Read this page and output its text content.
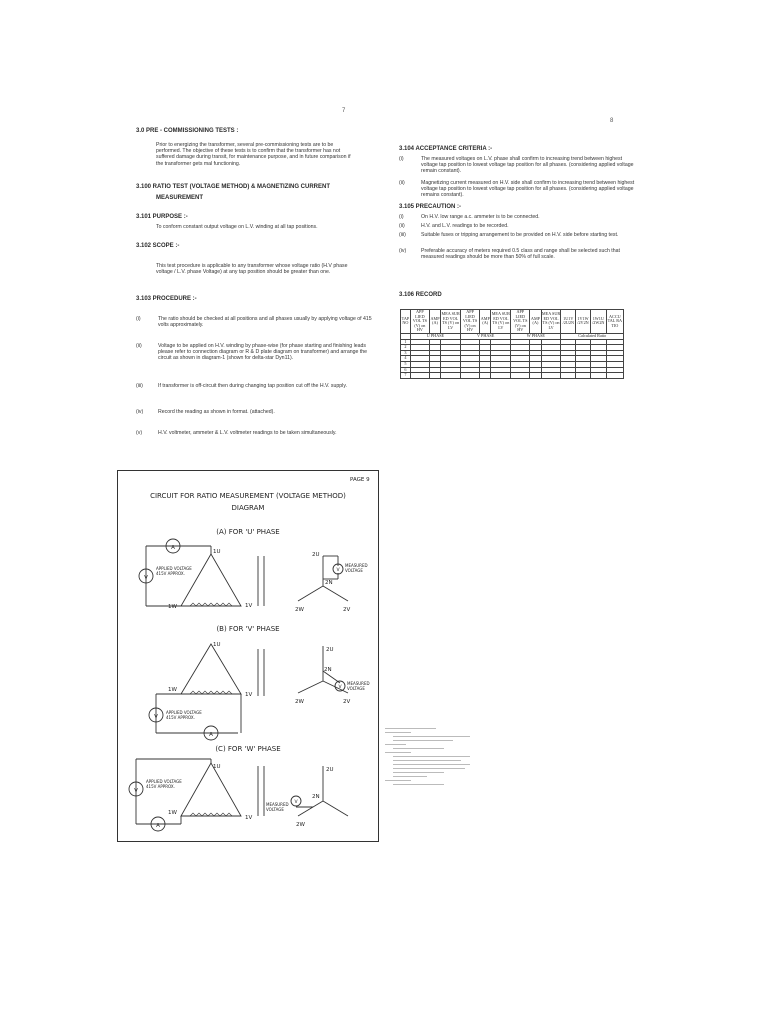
7

3.0 PRE - COMMISSIONING TESTS :

Prior to energizing the transformer, several pre-commissioning tests are to be performed. The objective of these tests is to confirm that the transformer has not suffered damage during transit, for maintenance purpose, and in future comparison if the transformer gets mal functioning.

3.100 RATIO TEST (VOLTAGE METHOD) & MAGNETIZING CURRENT

MEASUREMENT

3.101 PURPOSE :-

To conform constant output voltage on L.V. winding at all tap positions.

3.102 SCOPE :-

This test procedure is applicable to any transformer whose voltage ratio (H.V phase voltage / L.V. phase Voltage) at any tap position should be greater than one.

3.103 PROCEDURE :-

(i)	The ratio should be checked at all positions and all phases usually by applying voltage of 415 volts approximately.
(ii)	Voltage to be applied on H.V. winding by phase-wise (for phase starting and finishing leads please refer to connection diagram or R & D plate diagram on transformer) and arrange the circuit as shown in diagram-1 (shown for delta-star Dyn11).
(iii)	If transformer is off-circuit then during changing tap position cut off the H.V. supply.
(iv)	Record the reading as shown in format. (attached).
(v)	H.V. voltmeter, ammeter & L.V. voltmeter readings to be taken simultaneously.
8

3.104 ACCEPTANCE CRITERIA :-

(i)	The measured voltages on L.V. phase shall confirm to increasing trend between highest voltage tap position to lowest voltage tap position for all phases. (considering applied voltage remain constant).
(ii)	Magnetizing current measured on H.V. side shall confirm to increasing trend between highest voltage tap position to lowest voltage tap position for all phases. (considering applied voltage remains constant).

3.105 PRECAUTION :-

(i)	On H.V. low range a.c. ammeter is to be connected.
(ii)	H.V. and L.V. readings to be recorded.
(iii)	Suitable fuses or tripping arrangement to be provided on H.V. side before starting test.
(iv)	Preferable accuracy of meters required 0.5 class and range shall be selected such that measured readings should be more than 50% of full scale.

3.106 RECORD

TAP NO	APP LIED VOL TS (V) on HV	AMP (A)	MEA SUR ED VOL TS (V) on LV	APP LIED VOL TS (V) on HV	AMP (A)	MEA SUR ED VOL TS (V) on LV	APP LIED VOL TS (V) on HV	AMP (A)	MEA SUR ED VOL TS (V) on LV	1U1V /2U2N	1V1W /2V2N	1W1U /2W2N	ACCU TAL RA TIO
	U PHASE			V PHASE			W PHASE			Calculated Ratio			
1													
2													
3													
4													
5													
6													
7													
PAGE 9
CIRCUIT FOR RATIO MEASUREMENT (VOLTAGE METHOD)
DIAGRAM
(A) FOR 'U' PHASE
A
V
APPLIED VOLTAGE
415V APPROX.
1U
1W	1V
2U
2N
2W	2V
V
MEASURED
VOLTAGE
(B) FOR 'V' PHASE
1U
1W
1V
V
APPLIED VOLTAGE
415V APPROX.
A
2U
2N
2W	2V
V
MEASURED
VOLTAGE
(C) FOR 'W' PHASE
1U
1W
1V
V
APPLIED VOLTAGE
415V APPROX.
A
2U
2N
2W
V
MEASURED
VOLTAGE
